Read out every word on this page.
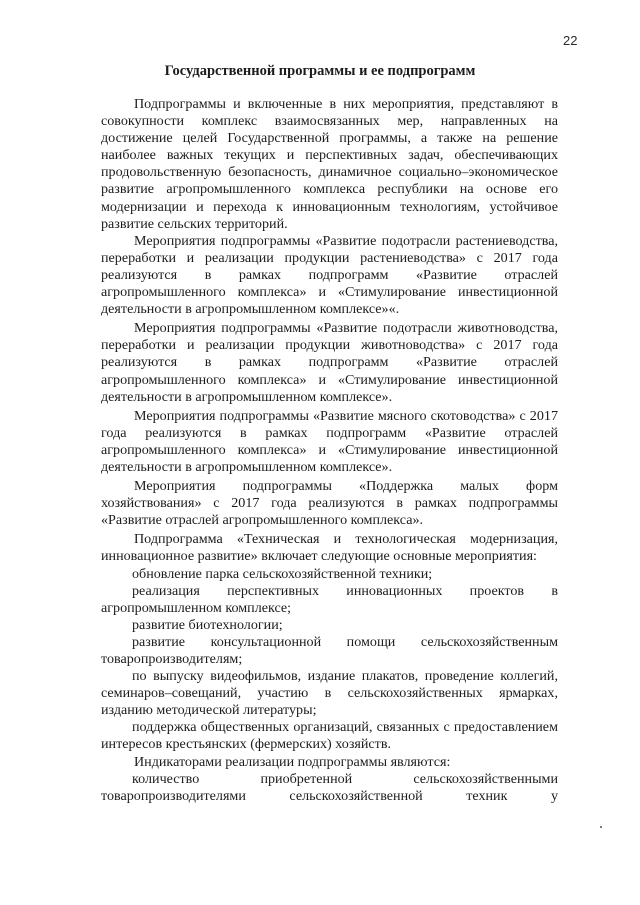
22
Государственной программы и ее подпрограмм

Подпрограммы и включенные в них мероприятия, представляют в совокупности комплекс взаимосвязанных мер, направленных на достижение целей Государственной программы, а также на решение наиболее важных текущих и перспективных задач, обеспечивающих продовольственную безопасность, динамичное социально–экономическое развитие агропромышленного комплекса республики на основе его модернизации и перехода к инновационным технологиям, устойчивое развитие сельских территорий.

Мероприятия подпрограммы «Развитие подотрасли растениеводства, переработки и реализации продукции растениеводства» с 2017 года реализуются в рамках подпрограмм «Развитие отраслей агропромышленного комплекса» и «Стимулирование инвестиционной деятельности в агропромышленном комплексе»«.

Мероприятия подпрограммы «Развитие подотрасли животноводства, переработки и реализации продукции животноводства» с 2017 года реализуются в рамках подпрограмм «Развитие отраслей агропромышленного комплекса» и «Стимулирование инвестиционной деятельности в агропромышленном комплексе».

Мероприятия подпрограммы «Развитие мясного скотоводства» с 2017 года реализуются в рамках подпрограмм «Развитие отраслей агропромышленного комплекса» и «Стимулирование инвестиционной деятельности в агропромышленном комплексе».

Мероприятия подпрограммы «Поддержка малых форм хозяйствования» с 2017 года реализуются в рамках подпрограммы «Развитие отраслей агропромышленного комплекса».

Подпрограмма «Техническая и технологическая модернизация, инновационное развитие» включает следующие основные мероприятия:

обновление парка сельскохозяйственной техники;

реализация перспективных инновационных проектов в агропромышленном комплексе;

развитие биотехнологии;

развитие консультационной помощи сельскохозяйственным товаропроизводителям;

по выпуску видеофильмов, издание плакатов, проведение коллегий, семинаров–совещаний, участию в сельскохозяйственных ярмарках, изданию методической литературы;

поддержка общественных организаций, связанных с предоставлением интересов крестьянских (фермерских) хозяйств.

Индикаторами реализации подпрограммы являются:

количество приобретенной сельскохозяйственными товаропроизводителями сельскохозяйственной техник у
